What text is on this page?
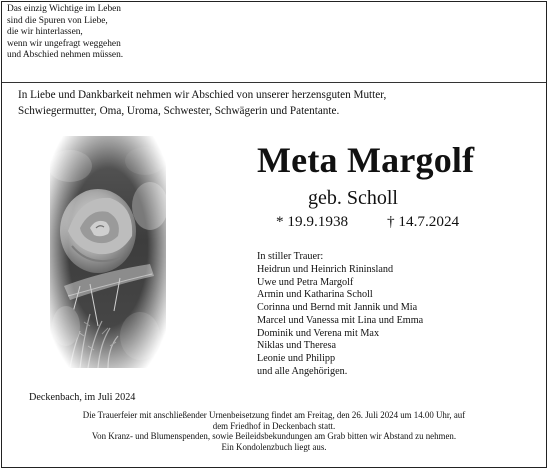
Das einzig Wichtige im Leben
sind die Spuren von Liebe,
die wir hinterlassen,
wenn wir ungefragt weggehen
und Abschied nehmen müssen.
In Liebe und Dankbarkeit nehmen wir Abschied von unserer herzensguten Mutter,
Schwiegermutter, Oma, Uroma, Schwester, Schwägerin und Patentante.
Meta Margolf
geb. Scholl
* 19.9.1938	† 14.7.2024
In stiller Trauer:
Heidrun und Heinrich Rininsland
Uwe und Petra Margolf
Armin und Katharina Scholl
Corinna und Bernd mit Jannik und Mia
Marcel und Vanessa mit Lina und Emma
Dominik und Verena mit Max
Niklas und Theresa
Leonie und Philipp
und alle Angehörigen.
Deckenbach, im Juli 2024
Die Trauerfeier mit anschließender Urnenbeisetzung findet am Freitag, den 26. Juli 2024 um 14.00 Uhr, auf
dem Friedhof in Deckenbach statt.
Von Kranz- und Blumenspenden, sowie Beileidsbekundungen am Grab bitten wir Abstand zu nehmen.
Ein Kondolenzbuch liegt aus.
